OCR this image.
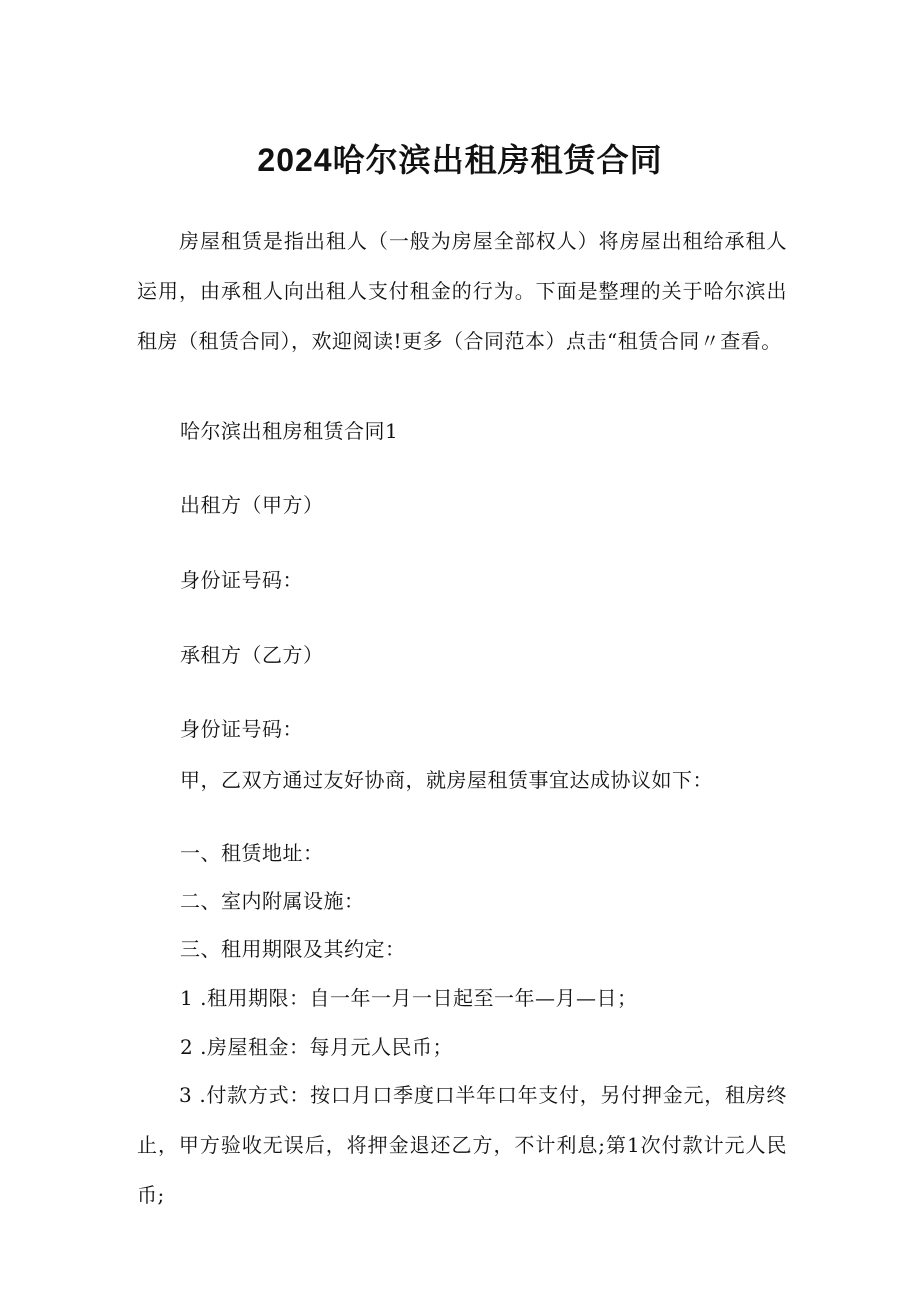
2024哈尔滨出租房租赁合同

房屋租赁是指出租人（一般为房屋全部权人）将房屋出租给承租人运用，由承租人向出租人支付租金的行为。下面是整理的关于哈尔滨出租房（租赁合同），欢迎阅读!更多（合同范本）点击“租赁合同〃查看。

哈尔滨出租房租赁合同1

出租方（甲方）

身份证号码：

承租方（乙方）

身份证号码：

甲，乙双方通过友好协商，就房屋租赁事宜达成协议如下：

一、租赁地址：

二、室内附属设施：

三、租用期限及其约定：

1 .租用期限：自一年一月一日起至一年—月—日；

2 .房屋租金：每月元人民币；

3 .付款方式：按口月口季度口半年口年支付，另付押金元，租房终止，甲方验收无误后，将押金退还乙方，不计利息;第1次付款计元人民币;
